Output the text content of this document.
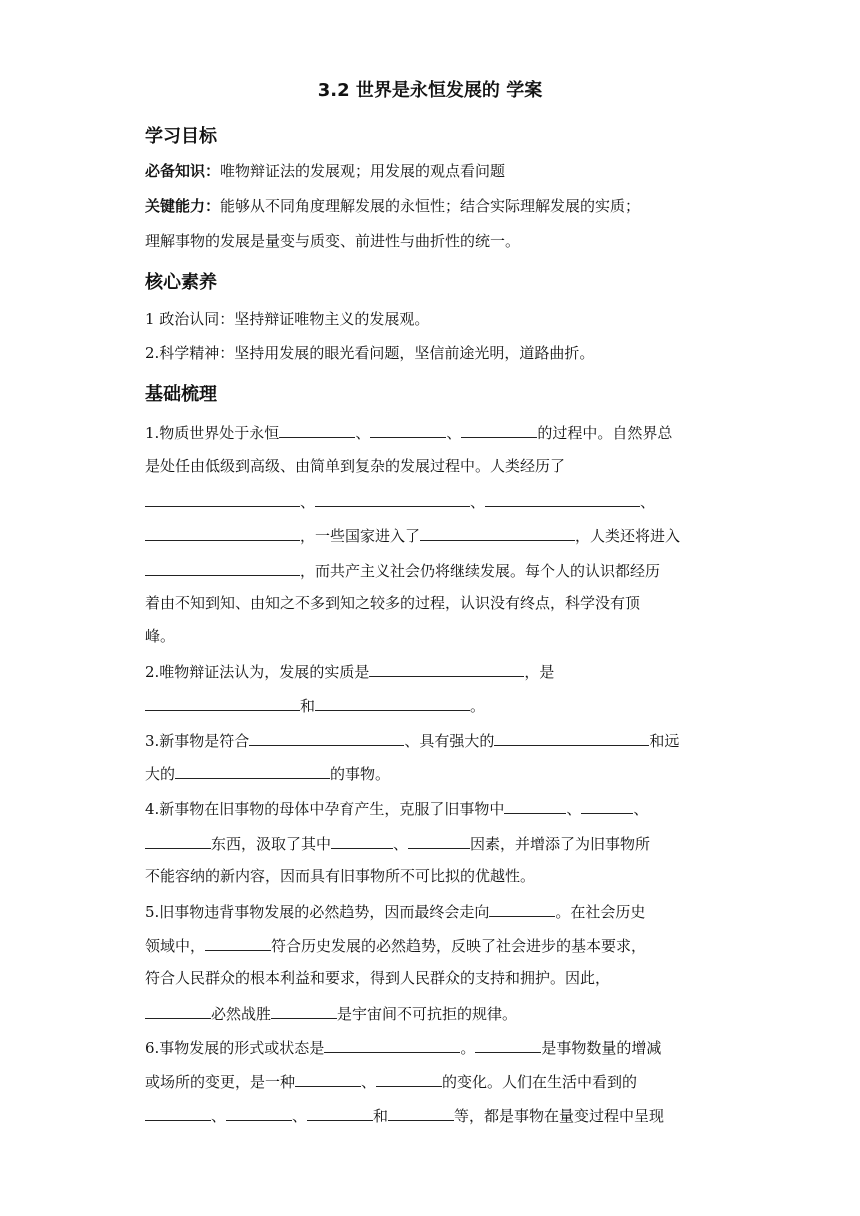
3.2 世界是永恒发展的 学案
学习目标
必备知识：唯物辩证法的发展观；用发展的观点看问题
关键能力：能够从不同角度理解发展的永恒性；结合实际理解发展的实质；
理解事物的发展是量变与质变、前进性与曲折性的统一。
核心素养
1 政治认同：坚持辩证唯物主义的发展观。
2.科学精神：坚持用发展的眼光看问题，坚信前途光明，道路曲折。
基础梳理
1.物质世界处于永恒	、	、	的过程中。自然界总
是处任由低级到高级、由简单到复杂的发展过程中。人类经历了
、	、	、
，一些国家进入了	，人类还将进入
，而共产主义社会仍将继续发展。每个人的认识都经历
着由不知到知、由知之不多到知之较多的过程，认识没有终点，科学没有顶
峰。
2.唯物辩证法认为，发展的实质是	，是
和	。
3.新事物是符合	、具有强大的	和远
大的	的事物。
4.新事物在旧事物的母体中孕育产生，克服了旧事物中	、	、
东西，汲取了其中	、	因素，并增添了为旧事物所
不能容纳的新内容，因而具有旧事物所不可比拟的优越性。
5.旧事物违背事物发展的必然趋势，因而最终会走向	。在社会历史
领域中，	符合历史发展的必然趋势，反映了社会进步的基本要求，
符合人民群众的根本利益和要求，得到人民群众的支持和拥护。因此，
必然战胜	是宇宙间不可抗拒的规律。
6.事物发展的形式或状态是	。	是事物数量的增减
或场所的变更，是一种	、	的变化。人们在生活中看到的
、	、	和	等，都是事物在量变过程中呈现
